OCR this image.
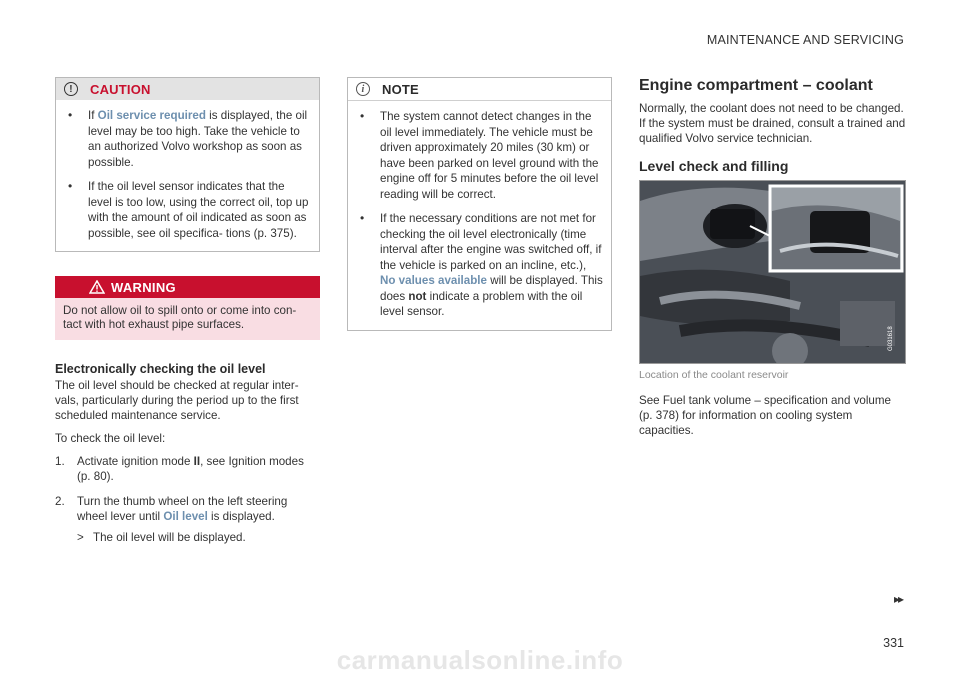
MAINTENANCE AND SERVICING
!	CAUTION
• If Oil service required is displayed, the oil level may be too high. Take the vehicle to an authorized Volvo workshop as soon as possible.
• If the oil level sensor indicates that the level is too low, using the correct oil, top up with the amount of oil indicated as soon as possible, see oil specifica- tions (p. 375).
WARNING
Do not allow oil to spill onto or come into con- tact with hot exhaust pipe surfaces.
Electronically checking the oil level

The oil level should be checked at regular inter- vals, particularly during the period up to the first scheduled maintenance service.

To check the oil level:

1. Activate ignition mode II, see Ignition modes (p. 80).
2. Turn the thumb wheel on the left steering wheel lever until Oil level is displayed.
> The oil level will be displayed.
i	NOTE
• The system cannot detect changes in the oil level immediately. The vehicle must be driven approximately 20 miles (30 km) or have been parked on level ground with the engine off for 5 minutes before the oil level reading will be correct.
• If the necessary conditions are not met for checking the oil level electronically (time interval after the engine was switched off, if the vehicle is parked on an incline, etc.), No values available will be displayed. This does not indicate a problem with the oil level sensor.
Engine compartment – coolant

Normally, the coolant does not need to be changed. If the system must be drained, consult a trained and qualified Volvo service technician.

Level check and filling
G031618
Location of the coolant reservoir

See Fuel tank volume – specification and volume (p. 378) for information on cooling system capacities.

▸▸
331
carmanualsonline.info
